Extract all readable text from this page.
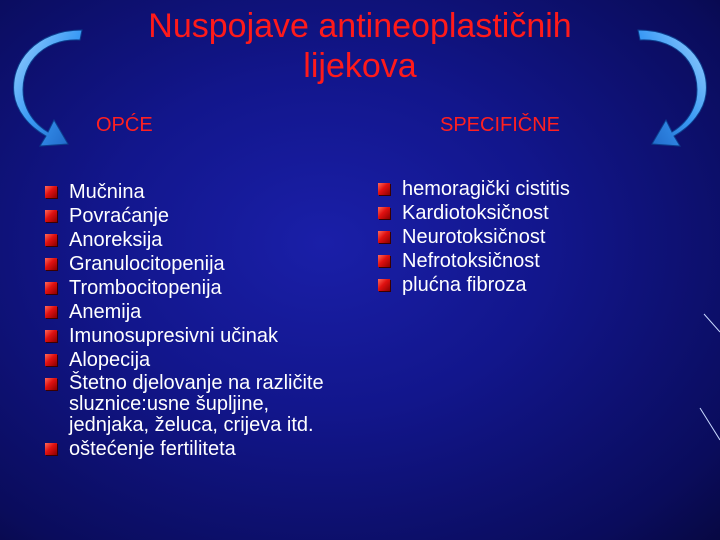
Nuspojave antineoplastičnih
lijekova
OPĆE	SPECIFIČNE
Mučnina
Povraćanje
Anoreksija
Granulocitopenija
Trombocitopenija
Anemija
Imunosupresivni učinak
Alopecija
Štetno djelovanje na različite sluznice:usne šupljine, jednjaka, želuca, crijeva itd.
oštećenje fertiliteta
hemoragički cistitis
Kardiotoksičnost
Neurotoksičnost
Nefrotoksičnost
plućna fibroza
